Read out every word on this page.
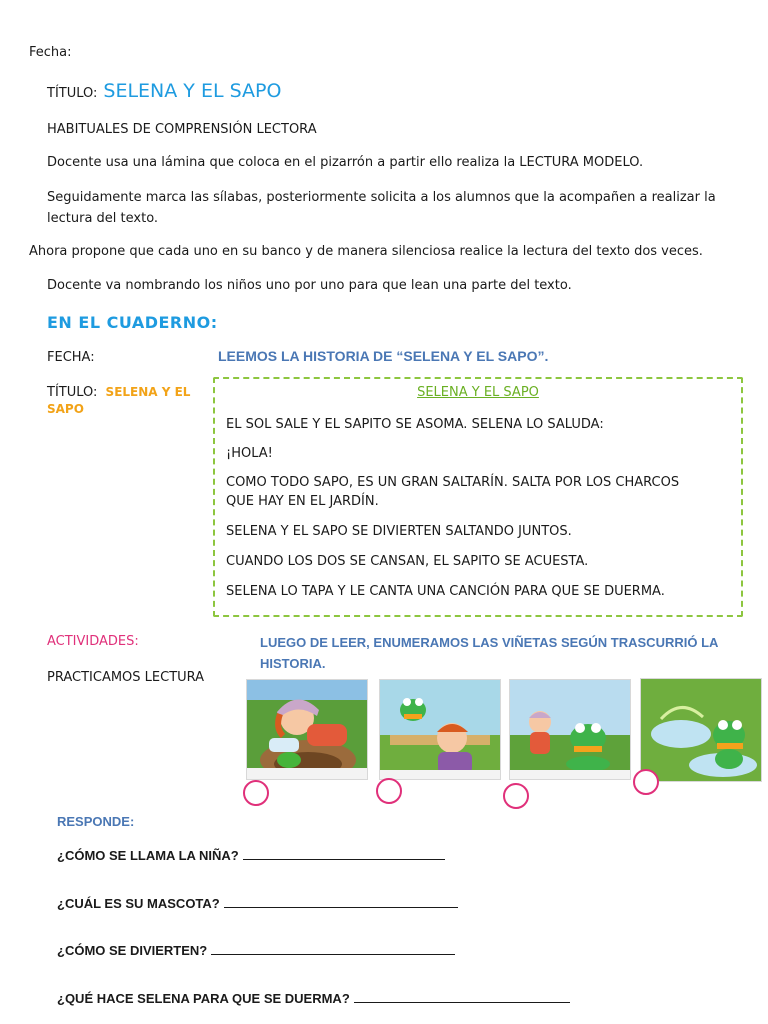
Fecha:
TÍTULO: SELENA Y EL SAPO
HABITUALES DE COMPRENSIÓN LECTORA
Docente usa una lámina que coloca en el pizarrón a partir ello realiza la LECTURA MODELO.
Seguidamente marca las sílabas, posteriormente solicita a los alumnos que la acompañen a realizar la
lectura del texto.
Ahora propone que cada uno en su banco y de manera silenciosa realice la lectura del texto dos veces.
Docente va nombrando los niños uno por uno para que lean una parte del texto.
EN EL CUADERNO:
FECHA:	LEEMOS LA HISTORIA DE “SELENA Y EL SAPO”.
TÍTULO: SELENA Y EL
SAPO
SELENA Y EL SAPO

EL SOL SALE Y EL SAPITO SE ASOMA. SELENA LO SALUDA:

¡HOLA!

COMO TODO SAPO, ES UN GRAN SALTARÍN. SALTA POR LOS CHARCOS

QUE HAY EN EL JARDÍN.

SELENA Y EL SAPO SE DIVIERTEN SALTANDO JUNTOS.

CUANDO LOS DOS SE CANSAN, EL SAPITO SE ACUESTA.

SELENA LO TAPA Y LE CANTA UNA CANCIÓN PARA QUE SE DUERMA.

ACTIVIDADES:	LUEGO DE LEER, ENUMERAMOS LAS VIÑETAS SEGÚN TRASCURRIÓ LA
HISTORIA.
PRACTICAMOS LECTURA
RESPONDE:
¿CÓMO SE LLAMA LA NIÑA?
¿CUÁL ES SU MASCOTA?
¿CÓMO SE DIVIERTEN?
¿QUÉ HACE SELENA PARA QUE SE DUERMA?
